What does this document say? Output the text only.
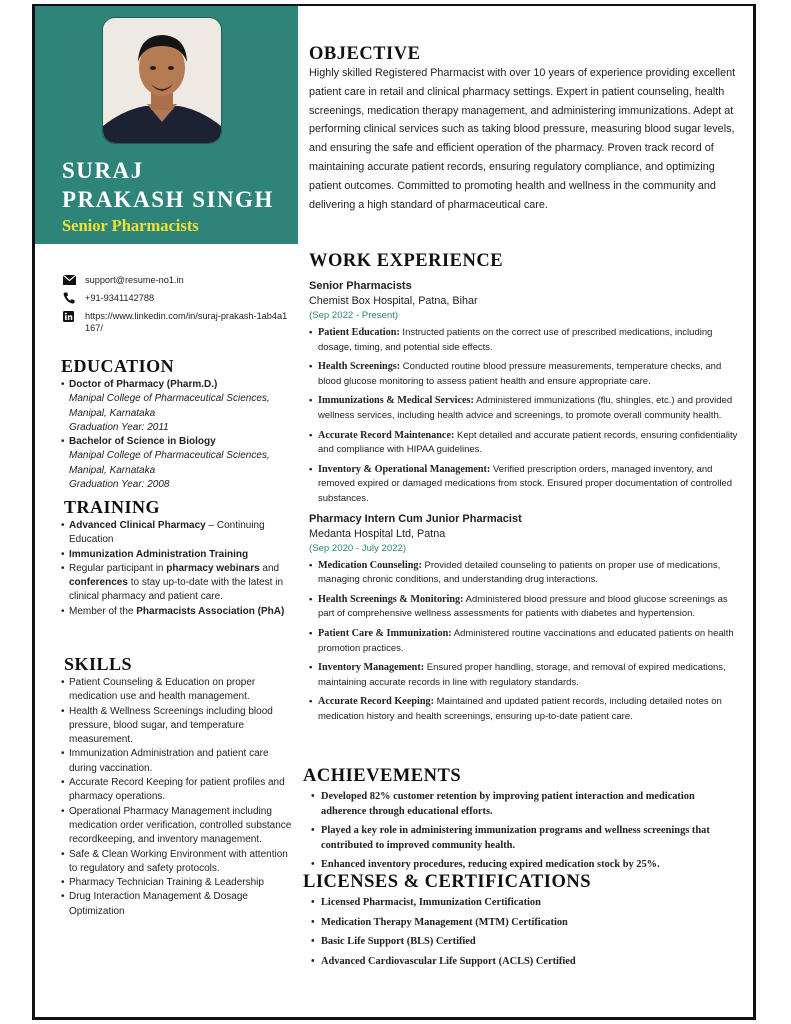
SURAJ
PRAKASH SINGH

Senior Pharmacists

support@resume-no1.in
+91-9341142788
https://www.linkedin.com/in/suraj-prakash-1ab4a1167/
EDUCATION
• Doctor of Pharmacy (Pharm.D.)
Manipal College of Pharmaceutical Sciences, Manipal, Karnataka
Graduation Year: 2011
• Bachelor of Science in Biology
Manipal College of Pharmaceutical Sciences, Manipal, Karnataka
Graduation Year: 2008
TRAINING
• Advanced Clinical Pharmacy – Continuing Education
• Immunization Administration Training
• Regular participant in pharmacy webinars and conferences to stay up-to-date with the latest in clinical pharmacy and patient care.
• Member of the Pharmacists Association (PhA)
SKILLS
• Patient Counseling & Education on proper medication use and health management.
• Health & Wellness Screenings including blood pressure, blood sugar, and temperature measurement.
• Immunization Administration and patient care during vaccination.
• Accurate Record Keeping for patient profiles and pharmacy operations.
• Operational Pharmacy Management including medication order verification, controlled substance recordkeeping, and inventory management.
• Safe & Clean Working Environment with attention to regulatory and safety protocols.
• Pharmacy Technician Training & Leadership
• Drug Interaction Management & Dosage Optimization
OBJECTIVE

Highly skilled Registered Pharmacist with over 10 years of experience providing excellent patient care in retail and clinical pharmacy settings. Expert in patient counseling, health screenings, medication therapy management, and administering immunizations. Adept at performing clinical services such as taking blood pressure, measuring blood sugar levels, and ensuring the safe and efficient operation of the pharmacy. Proven track record of maintaining accurate patient records, ensuring regulatory compliance, and optimizing patient outcomes. Committed to promoting health and wellness in the community and delivering a high standard of pharmaceutical care.

WORK EXPERIENCE

Senior Pharmacists

Chemist Box Hospital, Patna, Bihar

(Sep 2022 - Present)

• Patient Education: Instructed patients on the correct use of prescribed medications, including dosage, timing, and potential side effects.
• Health Screenings: Conducted routine blood pressure measurements, temperature checks, and blood glucose monitoring to assess patient health and ensure appropriate care.
• Immunizations & Medical Services: Administered immunizations (flu, shingles, etc.) and provided wellness services, including health advice and screenings, to promote overall community health.
• Accurate Record Maintenance: Kept detailed and accurate patient records, ensuring confidentiality and compliance with HIPAA guidelines.
• Inventory & Operational Management: Verified prescription orders, managed inventory, and removed expired or damaged medications from stock. Ensured proper documentation of controlled substances.

Pharmacy Intern Cum Junior Pharmacist

Medanta Hospital Ltd, Patna

(Sep 2020 - July 2022)

• Medication Counseling: Provided detailed counseling to patients on proper use of medications, managing chronic conditions, and understanding drug interactions.
• Health Screenings & Monitoring: Administered blood pressure and blood glucose screenings as part of comprehensive wellness assessments for patients with diabetes and hypertension.
• Patient Care & Immunization: Administered routine vaccinations and educated patients on health promotion practices.
• Inventory Management: Ensured proper handling, storage, and removal of expired medications, maintaining accurate records in line with regulatory standards.
• Accurate Record Keeping: Maintained and updated patient records, including detailed notes on medication history and health screenings, ensuring up-to-date patient care.
ACHIEVEMENTS
• Developed 82% customer retention by improving patient interaction and medication adherence through educational efforts.
• Played a key role in administering immunization programs and wellness screenings that contributed to improved community health.
• Enhanced inventory procedures, reducing expired medication stock by 25%.
LICENSES & CERTIFICATIONS
• Licensed Pharmacist, Immunization Certification
• Medication Therapy Management (MTM) Certification
• Basic Life Support (BLS) Certified
• Advanced Cardiovascular Life Support (ACLS) Certified
